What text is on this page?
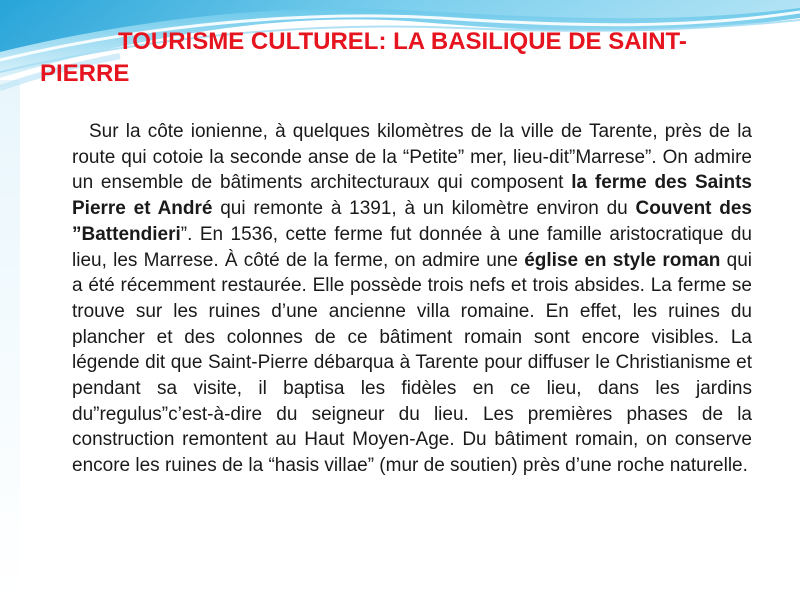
TOURISME CULTUREL: LA BASILIQUE DE SAINT-PIERRE

Sur la côte ionienne, à quelques kilomètres de la ville de Tarente, près de la route qui cotoie la seconde anse de la “Petite” mer, lieu-dit”Marrese”. On admire un ensemble de bâtiments architecturaux qui composent la ferme des Saints Pierre et André qui remonte à 1391, à un kilomètre environ du Couvent des ”Battendieri”. En 1536, cette ferme fut donnée à une famille aristocratique du lieu, les Marrese. À côté de la ferme, on admire une église en style roman qui a été récemment restaurée. Elle possède trois nefs et trois absides. La ferme se trouve sur les ruines d’une ancienne villa romaine. En effet, les ruines du plancher et des colonnes de ce bâtiment romain sont encore visibles. La légende dit que Saint-Pierre débarqua à Tarente pour diffuser le Christianisme et pendant sa visite, il baptisa les fidèles en ce lieu, dans les jardins du”regulus”c’est-à-dire du seigneur du lieu. Les premières phases de la construction remontent au Haut Moyen-Age. Du bâtiment romain, on conserve encore les ruines de la “hasis villae” (mur de soutien) près d’une roche naturelle.
